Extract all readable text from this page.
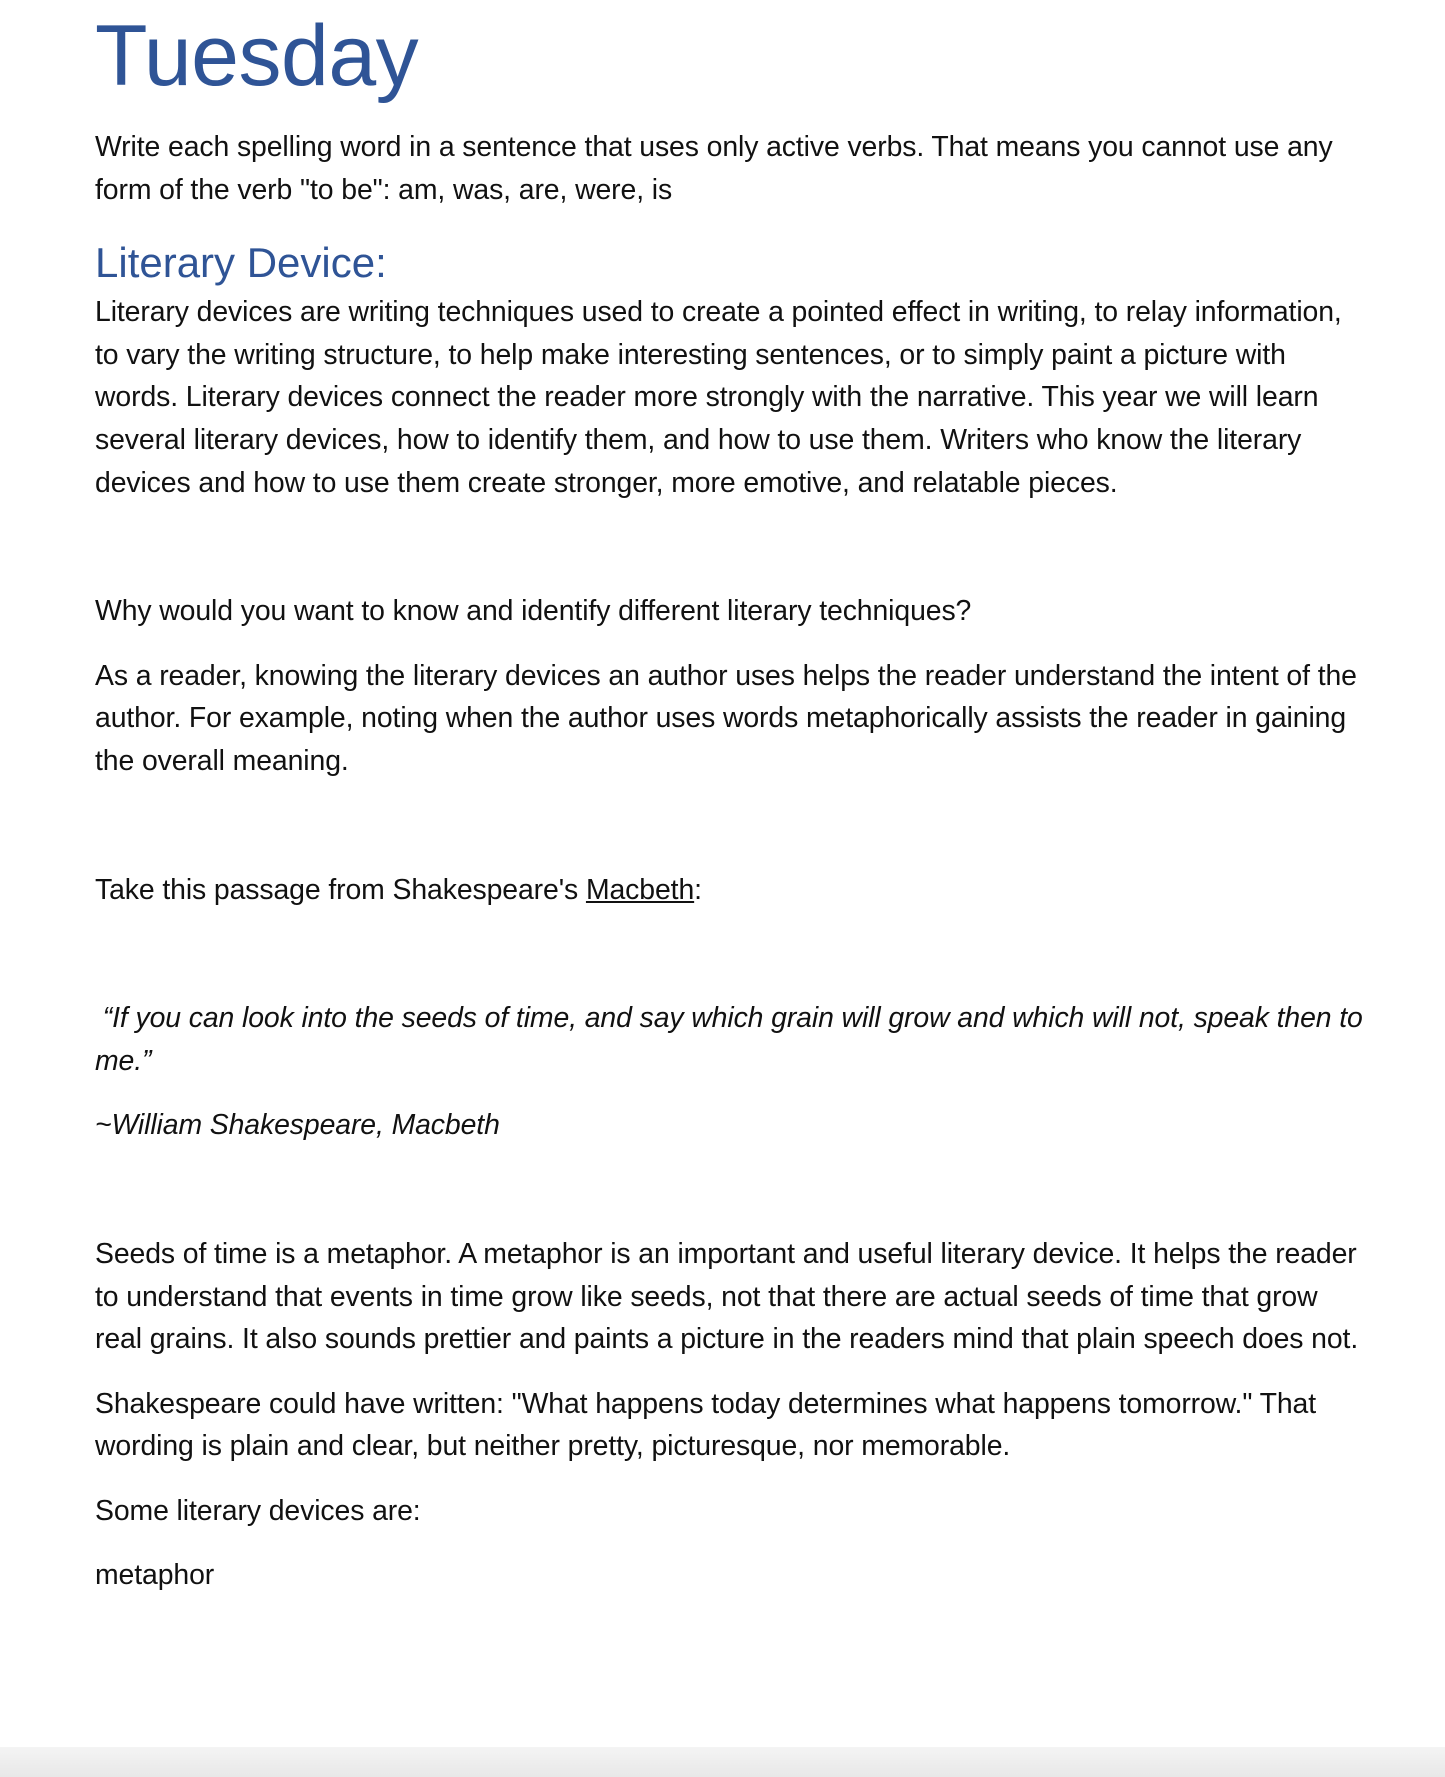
Tuesday

Write each spelling word in a sentence that uses only active verbs. That means you cannot use any form of the verb "to be": am, was, are, were, is

Literary Device:

Literary devices are writing techniques used to create a pointed effect in writing, to relay information, to vary the writing structure, to help make interesting sentences, or to simply paint a picture with words. Literary devices connect the reader more strongly with the narrative. This year we will learn several literary devices, how to identify them, and how to use them. Writers who know the literary devices and how to use them create stronger, more emotive, and relatable pieces.

Why would you want to know and identify different literary techniques?

As a reader, knowing the literary devices an author uses helps the reader understand the intent of the author. For example, noting when the author uses words metaphorically assists the reader in gaining the overall meaning.

Take this passage from Shakespeare's Macbeth:

“If you can look into the seeds of time, and say which grain will grow and which will not, speak then to me.”

~William Shakespeare, Macbeth

Seeds of time is a metaphor. A metaphor is an important and useful literary device. It helps the reader to understand that events in time grow like seeds, not that there are actual seeds of time that grow real grains. It also sounds prettier and paints a picture in the readers mind that plain speech does not.

Shakespeare could have written: "What happens today determines what happens tomorrow." That wording is plain and clear, but neither pretty, picturesque, nor memorable.

Some literary devices are:

metaphor
